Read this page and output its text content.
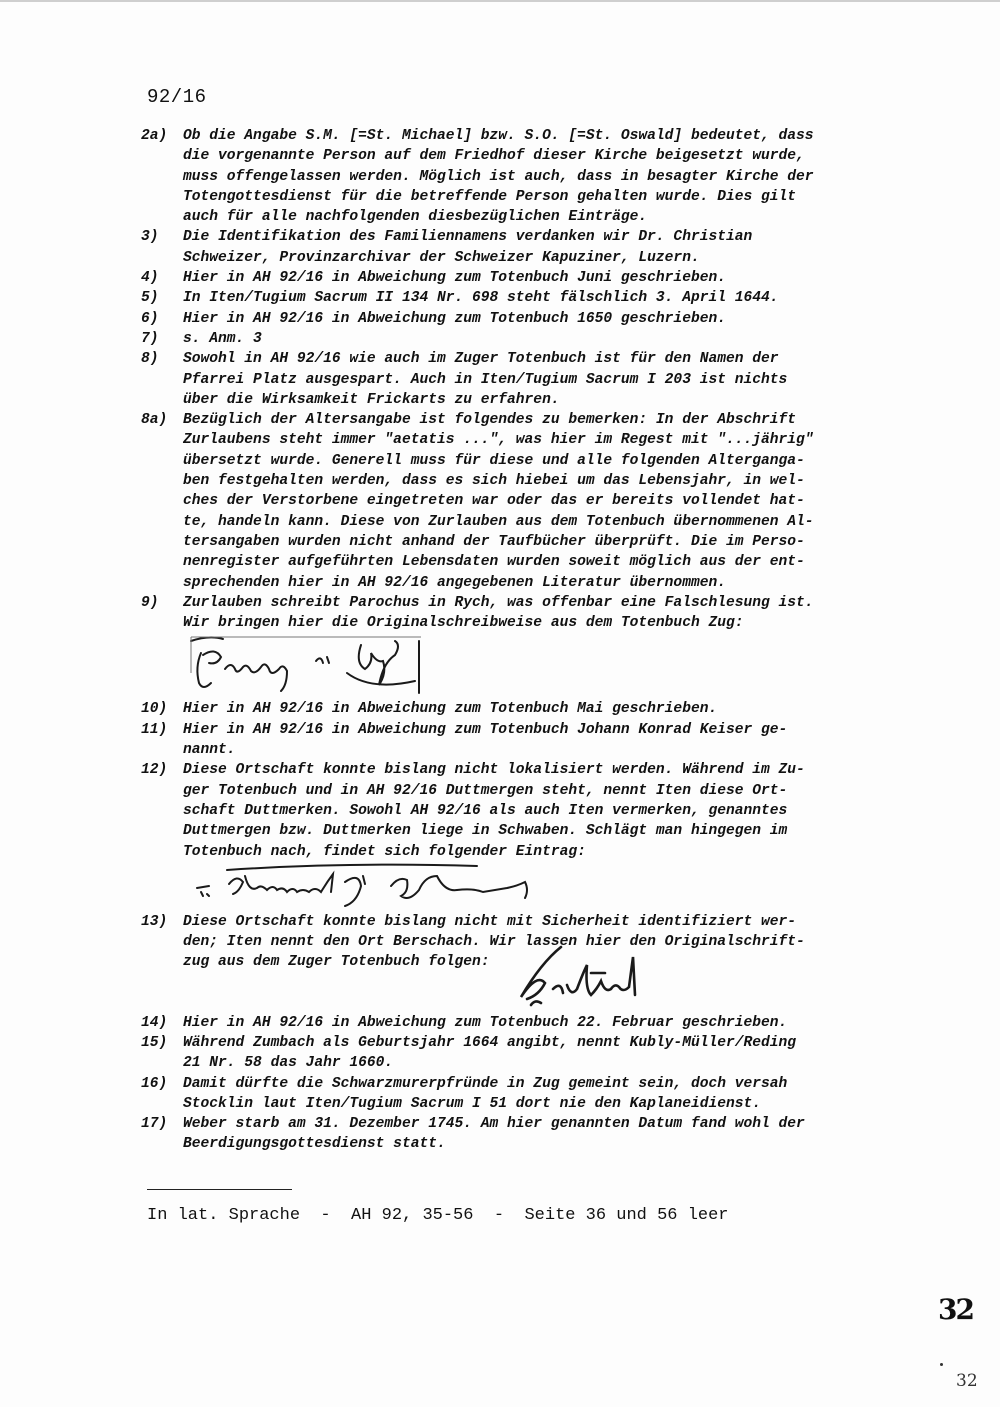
92/16
2a)	Ob die Angabe S.M. [=St. Michael] bzw. S.O. [=St. Oswald] bedeutet, dass
die vorgenannte Person auf dem Friedhof dieser Kirche beigesetzt wurde,
muss offengelassen werden. Möglich ist auch, dass in besagter Kirche der
Totengottesdienst für die betreffende Person gehalten wurde. Dies gilt
auch für alle nachfolgenden diesbezüglichen Einträge.
3)	Die Identifikation des Familiennamens verdanken wir Dr. Christian
Schweizer, Provinzarchivar der Schweizer Kapuziner, Luzern.
4)	Hier in AH 92/16 in Abweichung zum Totenbuch Juni geschrieben.
5)	In Iten/Tugium Sacrum II 134 Nr. 698 steht fälschlich 3. April 1644.
6)	Hier in AH 92/16 in Abweichung zum Totenbuch 1650 geschrieben.
7)	s. Anm. 3
8)	Sowohl in AH 92/16 wie auch im Zuger Totenbuch ist für den Namen der
Pfarrei Platz ausgespart. Auch in Iten/Tugium Sacrum I 203 ist nichts
über die Wirksamkeit Frickarts zu erfahren.
8a)	Bezüglich der Altersangabe ist folgendes zu bemerken: In der Abschrift
Zurlaubens steht immer "aetatis ...", was hier im Regest mit "...jährig"
übersetzt wurde. Generell muss für diese und alle folgenden Alterganga-
ben festgehalten werden, dass es sich hiebei um das Lebensjahr, in wel-
ches der Verstorbene eingetreten war oder das er bereits vollendet hat-
te, handeln kann. Diese von Zurlauben aus dem Totenbuch übernommenen Al-
tersangaben wurden nicht anhand der Taufbücher überprüft. Die im Perso-
nenregister aufgeführten Lebensdaten wurden soweit möglich aus der ent-
sprechenden hier in AH 92/16 angegebenen Literatur übernommen.
9)	Zurlauben schreibt Parochus in Rych, was offenbar eine Falschlesung ist.
Wir bringen hier die Originalschreibweise aus dem Totenbuch Zug:
10)	Hier in AH 92/16 in Abweichung zum Totenbuch Mai geschrieben.
11)	Hier in AH 92/16 in Abweichung zum Totenbuch Johann Konrad Keiser ge-
nannt.
12)	Diese Ortschaft konnte bislang nicht lokalisiert werden. Während im Zu-
ger Totenbuch und in AH 92/16 Duttmergen steht, nennt Iten diese Ort-
schaft Duttmerken. Sowohl AH 92/16 als auch Iten vermerken, genanntes
Duttmergen bzw. Duttmerken liege in Schwaben. Schlägt man hingegen im
Totenbuch nach, findet sich folgender Eintrag:
13)	Diese Ortschaft konnte bislang nicht mit Sicherheit identifiziert wer-
den; Iten nennt den Ort Berschach. Wir lassen hier den Originalschrift-
zug aus dem Zuger Totenbuch folgen:
14)	Hier in AH 92/16 in Abweichung zum Totenbuch 22. Februar geschrieben.
15)	Während Zumbach als Geburtsjahr 1664 angibt, nennt Kubly-Müller/Reding
21 Nr. 58 das Jahr 1660.
16)	Damit dürfte die Schwarzmurerpfründe in Zug gemeint sein, doch versah
Stocklin laut Iten/Tugium Sacrum I 51 dort nie den Kaplaneidienst.
17)	Weber starb am 31. Dezember 1745. Am hier genannten Datum fand wohl der
Beerdigungsgottesdienst statt.
In lat. Sprache  -  AH 92, 35-56  -  Seite 36 und 56 leer
32
32
